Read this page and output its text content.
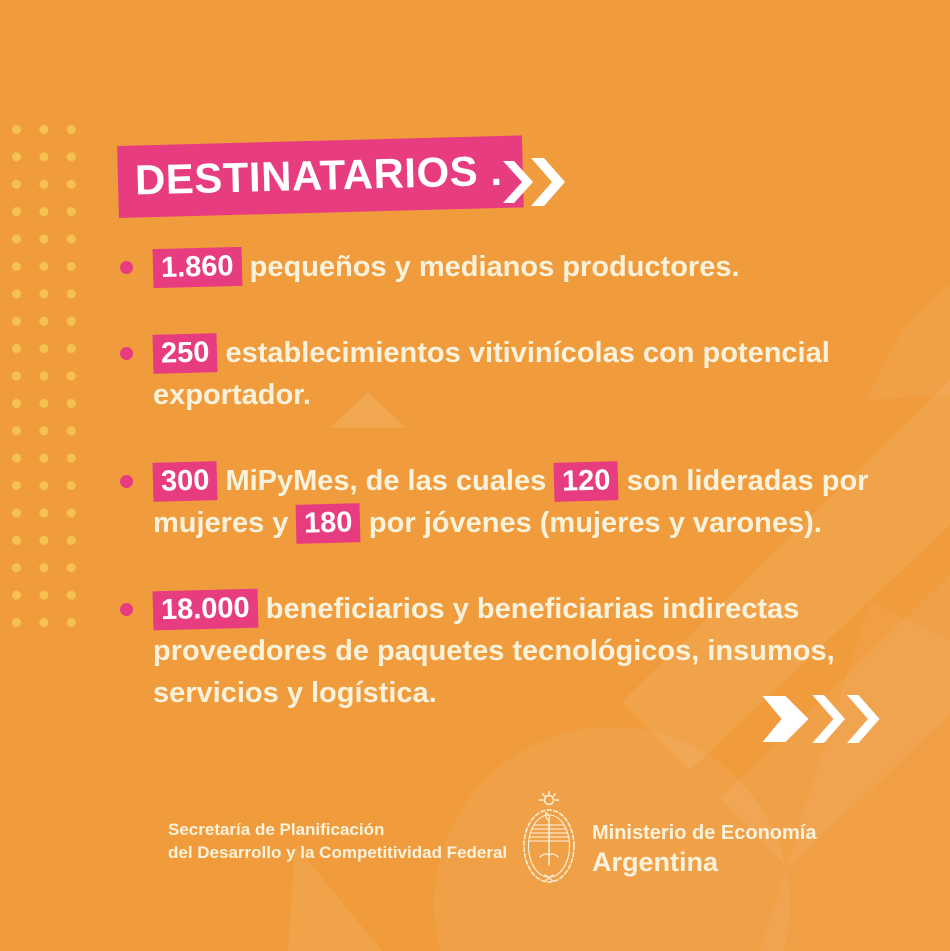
DESTINATARIOS .
1.860 pequeños y medianos productores.
250 establecimientos vitivinícolas con potencial
exportador.
300 MiPyMes, de las cuales 120 son lideradas por
mujeres y 180 por jóvenes (mujeres y varones).
18.000 beneficiarios y beneficiarias indirectas
proveedores de paquetes tecnológicos, insumos,
servicios y logística.
Secretaría de Planificación
del Desarrollo y la Competitividad Federal
Ministerio de Economía
Argentina
